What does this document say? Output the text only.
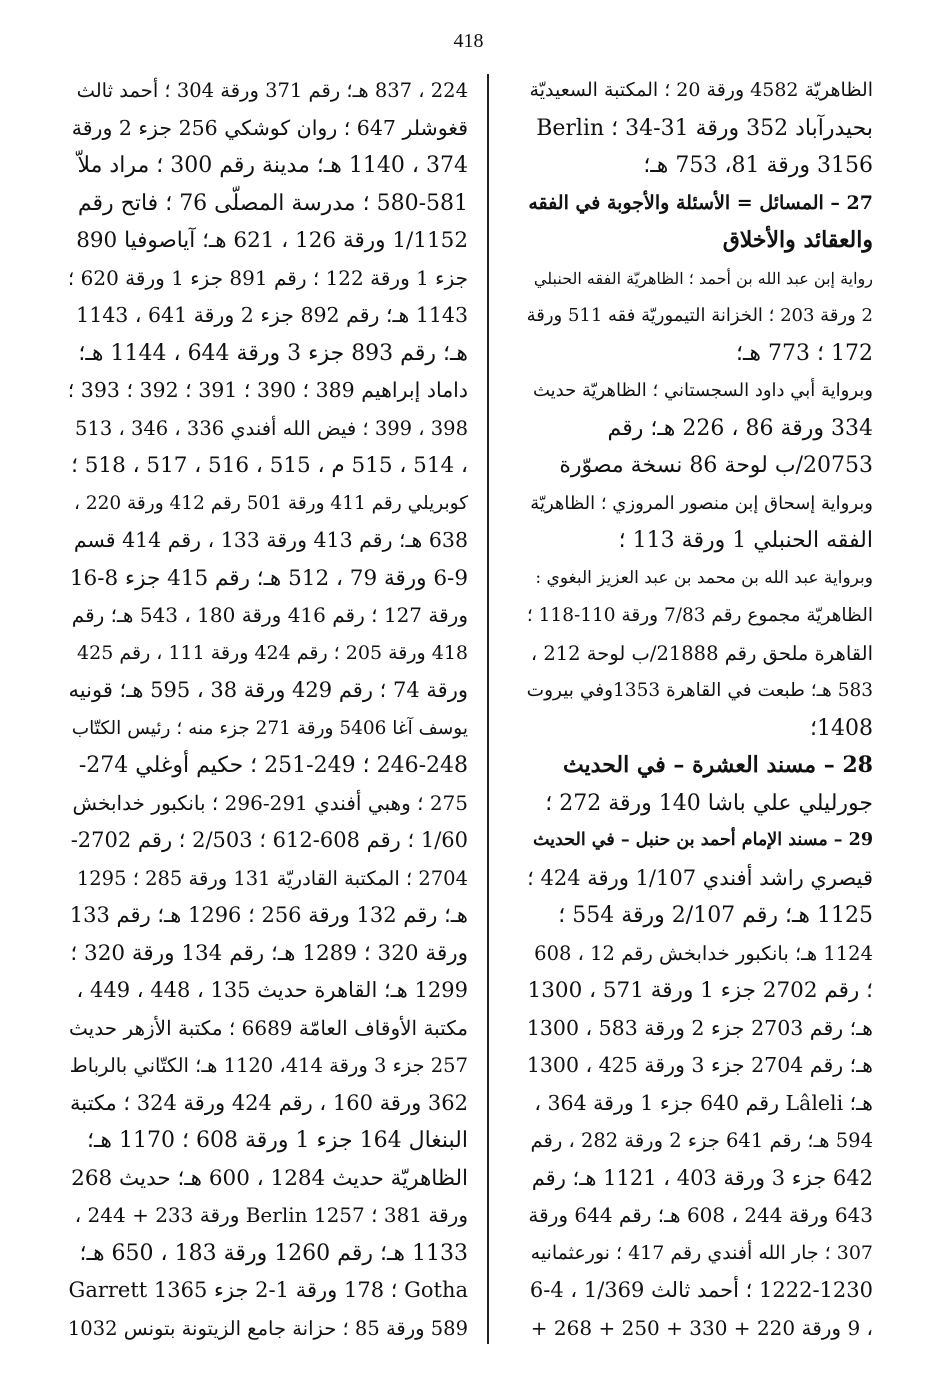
418
الظاهريّة 4582 ورقة 20 ؛ المكتبة السعيديّة
بحيدرآباد 352 ورقة 31-34 ؛ Berlin
3156 ورقة 81، 753 هـ؛
27 – المسائل = الأسئلة والأجوبة في الفقه
والعقائد والأخلاق
رواية إبن عبد الله بن أحمد ؛ الظاهريّة الفقه الحنبلي
2 ورقة 203 ؛ الخزانة التيموريّة فقه 511 ورقة
172 ؛ 773 هـ؛
وبرواية أبي داود السجستاني ؛ الظاهريّة حديث
334 ورقة 86 ، 226 هـ؛ رقم
20753/ب لوحة 86 نسخة مصوّرة
وبرواية إسحاق إبن منصور المروزي ؛ الظاهريّة
الفقه الحنبلي 1 ورقة 113 ؛
وبرواية عبد الله بن محمد بن عبد العزيز البغوي :
الظاهريّة مجموع رقم 7/83 ورقة 110-118 ؛
القاهرة ملحق رقم 21888/ب لوحة 212 ،
583 هـ؛ طبعت في القاهرة 1353وفي بيروت
1408؛
28 – مسند العشرة – في الحديث
جورليلي علي باشا 140 ورقة 272 ؛
29 – مسند الإمام أحمد بن حنبل – في الحديث
قيصري راشد أفندي 1/107 ورقة 424 ؛
1125 هـ؛ رقم 2/107 ورقة 554 ؛
1124 هـ؛ بانكبور خدابخش رقم 12 ، 608
؛ رقم 2702 جزء 1 ورقة 571 ، 1300
هـ؛ رقم 2703 جزء 2 ورقة 583 ، 1300
هـ؛ رقم 2704 جزء 3 ورقة 425 ، 1300
هـ؛ Lâleli رقم 640 جزء 1 ورقة 364 ،
594 هـ؛ رقم 641 جزء 2 ورقة 282 ، رقم
642 جزء 3 ورقة 403 ، 1121 هـ؛ رقم
643 ورقة 244 ، 608 هـ؛ رقم 644 ورقة
307 ؛ جار الله أفندي رقم 417 ؛ نورعثمانيه
1222-1230 ؛ أحمد ثالث 1/369 ، 4-6
، 9 ورقة 220 + 330 + 250 + 268 +
224 ، 837 هـ؛ رقم 371 ورقة 304 ؛ أحمد ثالث
قغوشلر 647 ؛ روان كوشكي 256 جزء 2 ورقة
374 ، 1140 هـ؛ مدينة رقم 300 ؛ مراد ملاّ
580-581 ؛ مدرسة المصلّى 76 ؛ فاتح رقم
1/1152 ورقة 126 ، 621 هـ؛ آياصوفيا 890
جزء 1 ورقة 122 ؛ رقم 891 جزء 1 ورقة 620 ؛
1143 هـ؛ رقم 892 جزء 2 ورقة 641 ، 1143
هـ؛ رقم 893 جزء 3 ورقة 644 ، 1144 هـ؛
داماد إبراهيم 389 ؛ 390 ؛ 391 ؛ 392 ؛ 393 ؛
398 ، 399 ؛ فيض الله أفندي 336 ، 346 ، 513
، 514 ، 515 م ، 515 ، 516 ، 517 ، 518 ؛
كوبريلي رقم 411 ورقة 501 رقم 412 ورقة 220 ،
638 هـ؛ رقم 413 ورقة 133 ، رقم 414 قسم
6-9 ورقة 79 ، 512 هـ؛ رقم 415 جزء 8-16
ورقة 127 ؛ رقم 416 ورقة 180 ، 543 هـ؛ رقم
418 ورقة 205 ؛ رقم 424 ورقة 111 ، رقم 425
ورقة 74 ؛ رقم 429 ورقة 38 ، 595 هـ؛ قونيه
يوسف آغا 5406 ورقة 271 جزء منه ؛ رئيس الكتّاب
246-248 ؛ 249-251 ؛ حكيم أوغلي 274-
275 ؛ وهبي أفندي 291-296 ؛ بانكبور خدابخش
1/60 ؛ رقم 608-612 ؛ 2/503 ؛ رقم 2702-
2704 ؛ المكتبة القادريّة 131 ورقة 285 ؛ 1295
هـ؛ رقم 132 ورقة 256 ؛ 1296 هـ؛ رقم 133
ورقة 320 ؛ 1289 هـ؛ رقم 134 ورقة 320 ؛
1299 هـ؛ القاهرة حديث 135 ، 448 ، 449 ،
مكتبة الأوقاف العامّة 6689 ؛ مكتبة الأزهر حديث
257 جزء 3 ورقة 414، 1120 هـ؛ الكتّاني بالرباط
362 ورقة 160 ، رقم 424 ورقة 324 ؛ مكتبة
البنغال 164 جزء 1 ورقة 608 ؛ 1170 هـ؛
الظاهريّة حديث 1284 ، 600 هـ؛ حديث 268
ورقة 381 ؛ 1257 Berlin ورقة 233 + 244 ،
1133 هـ؛ رقم 1260 ورقة 183 ، 650 هـ؛
Gotha ؛ 178 ورقة 1-2 جزء 1365 Garrett
589 ورقة 85 ؛ حزانة جامع الزيتونة بتونس 1032
